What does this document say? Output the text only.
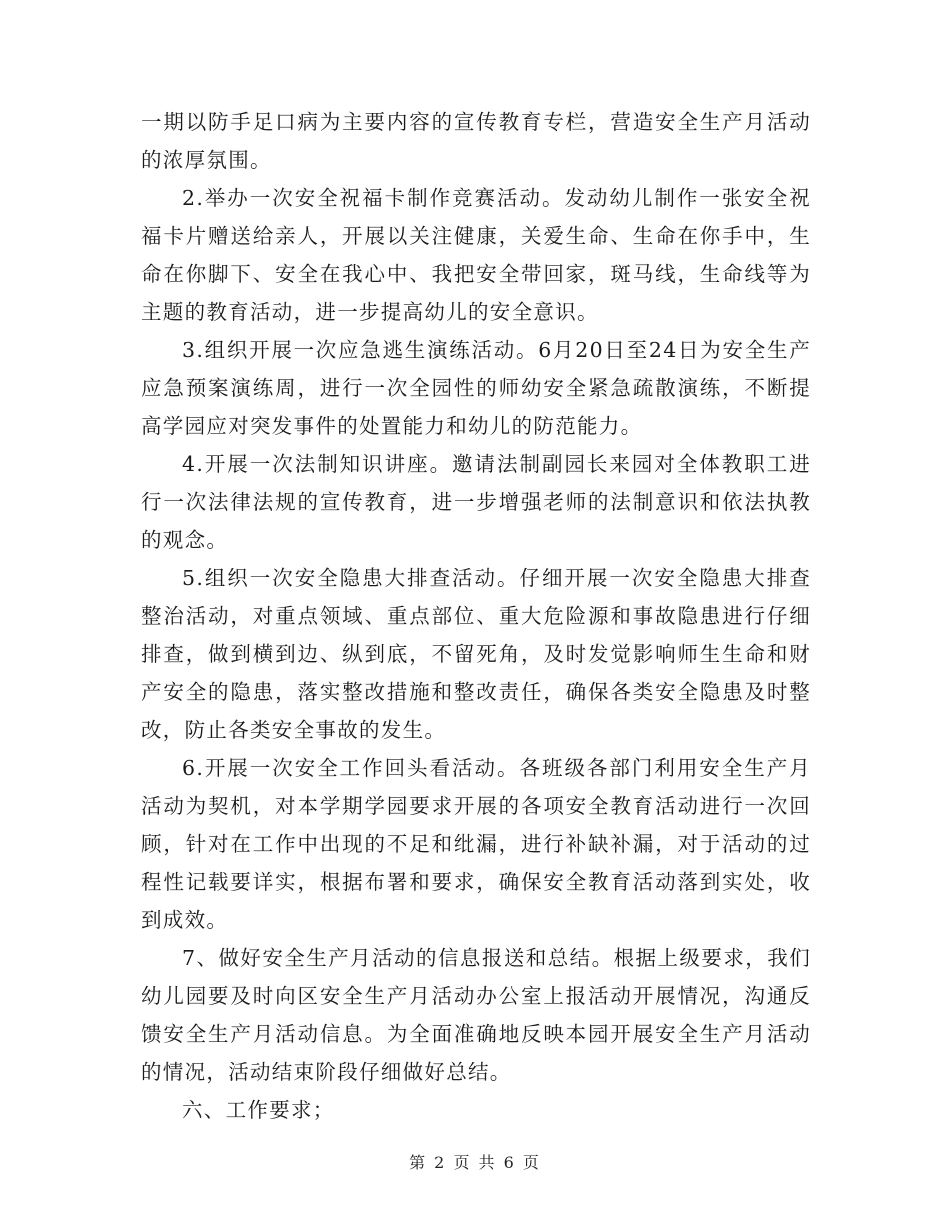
一期以防手足口病为主要内容的宣传教育专栏，营造安全生产月活动的浓厚氛围。

2.举办一次安全祝福卡制作竞赛活动。发动幼儿制作一张安全祝福卡片赠送给亲人，开展以关注健康，关爱生命、生命在你手中，生命在你脚下、安全在我心中、我把安全带回家，斑马线，生命线等为主题的教育活动，进一步提高幼儿的安全意识。

3.组织开展一次应急逃生演练活动。6月20日至24日为安全生产应急预案演练周，进行一次全园性的师幼安全紧急疏散演练，不断提高学园应对突发事件的处置能力和幼儿的防范能力。

4.开展一次法制知识讲座。邀请法制副园长来园对全体教职工进行一次法律法规的宣传教育，进一步增强老师的法制意识和依法执教的观念。

5.组织一次安全隐患大排查活动。仔细开展一次安全隐患大排查整治活动，对重点领域、重点部位、重大危险源和事故隐患进行仔细排查，做到横到边、纵到底，不留死角，及时发觉影响师生生命和财产安全的隐患，落实整改措施和整改责任，确保各类安全隐患及时整改，防止各类安全事故的发生。

6.开展一次安全工作回头看活动。各班级各部门利用安全生产月活动为契机，对本学期学园要求开展的各项安全教育活动进行一次回顾，针对在工作中出现的不足和纰漏，进行补缺补漏，对于活动的过程性记载要详实，根据布署和要求，确保安全教育活动落到实处，收到成效。

7、做好安全生产月活动的信息报送和总结。根据上级要求，我们幼儿园要及时向区安全生产月活动办公室上报活动开展情况，沟通反馈安全生产月活动信息。为全面准确地反映本园开展安全生产月活动的情况，活动结束阶段仔细做好总结。

六、工作要求；

第 2 页 共 6 页
